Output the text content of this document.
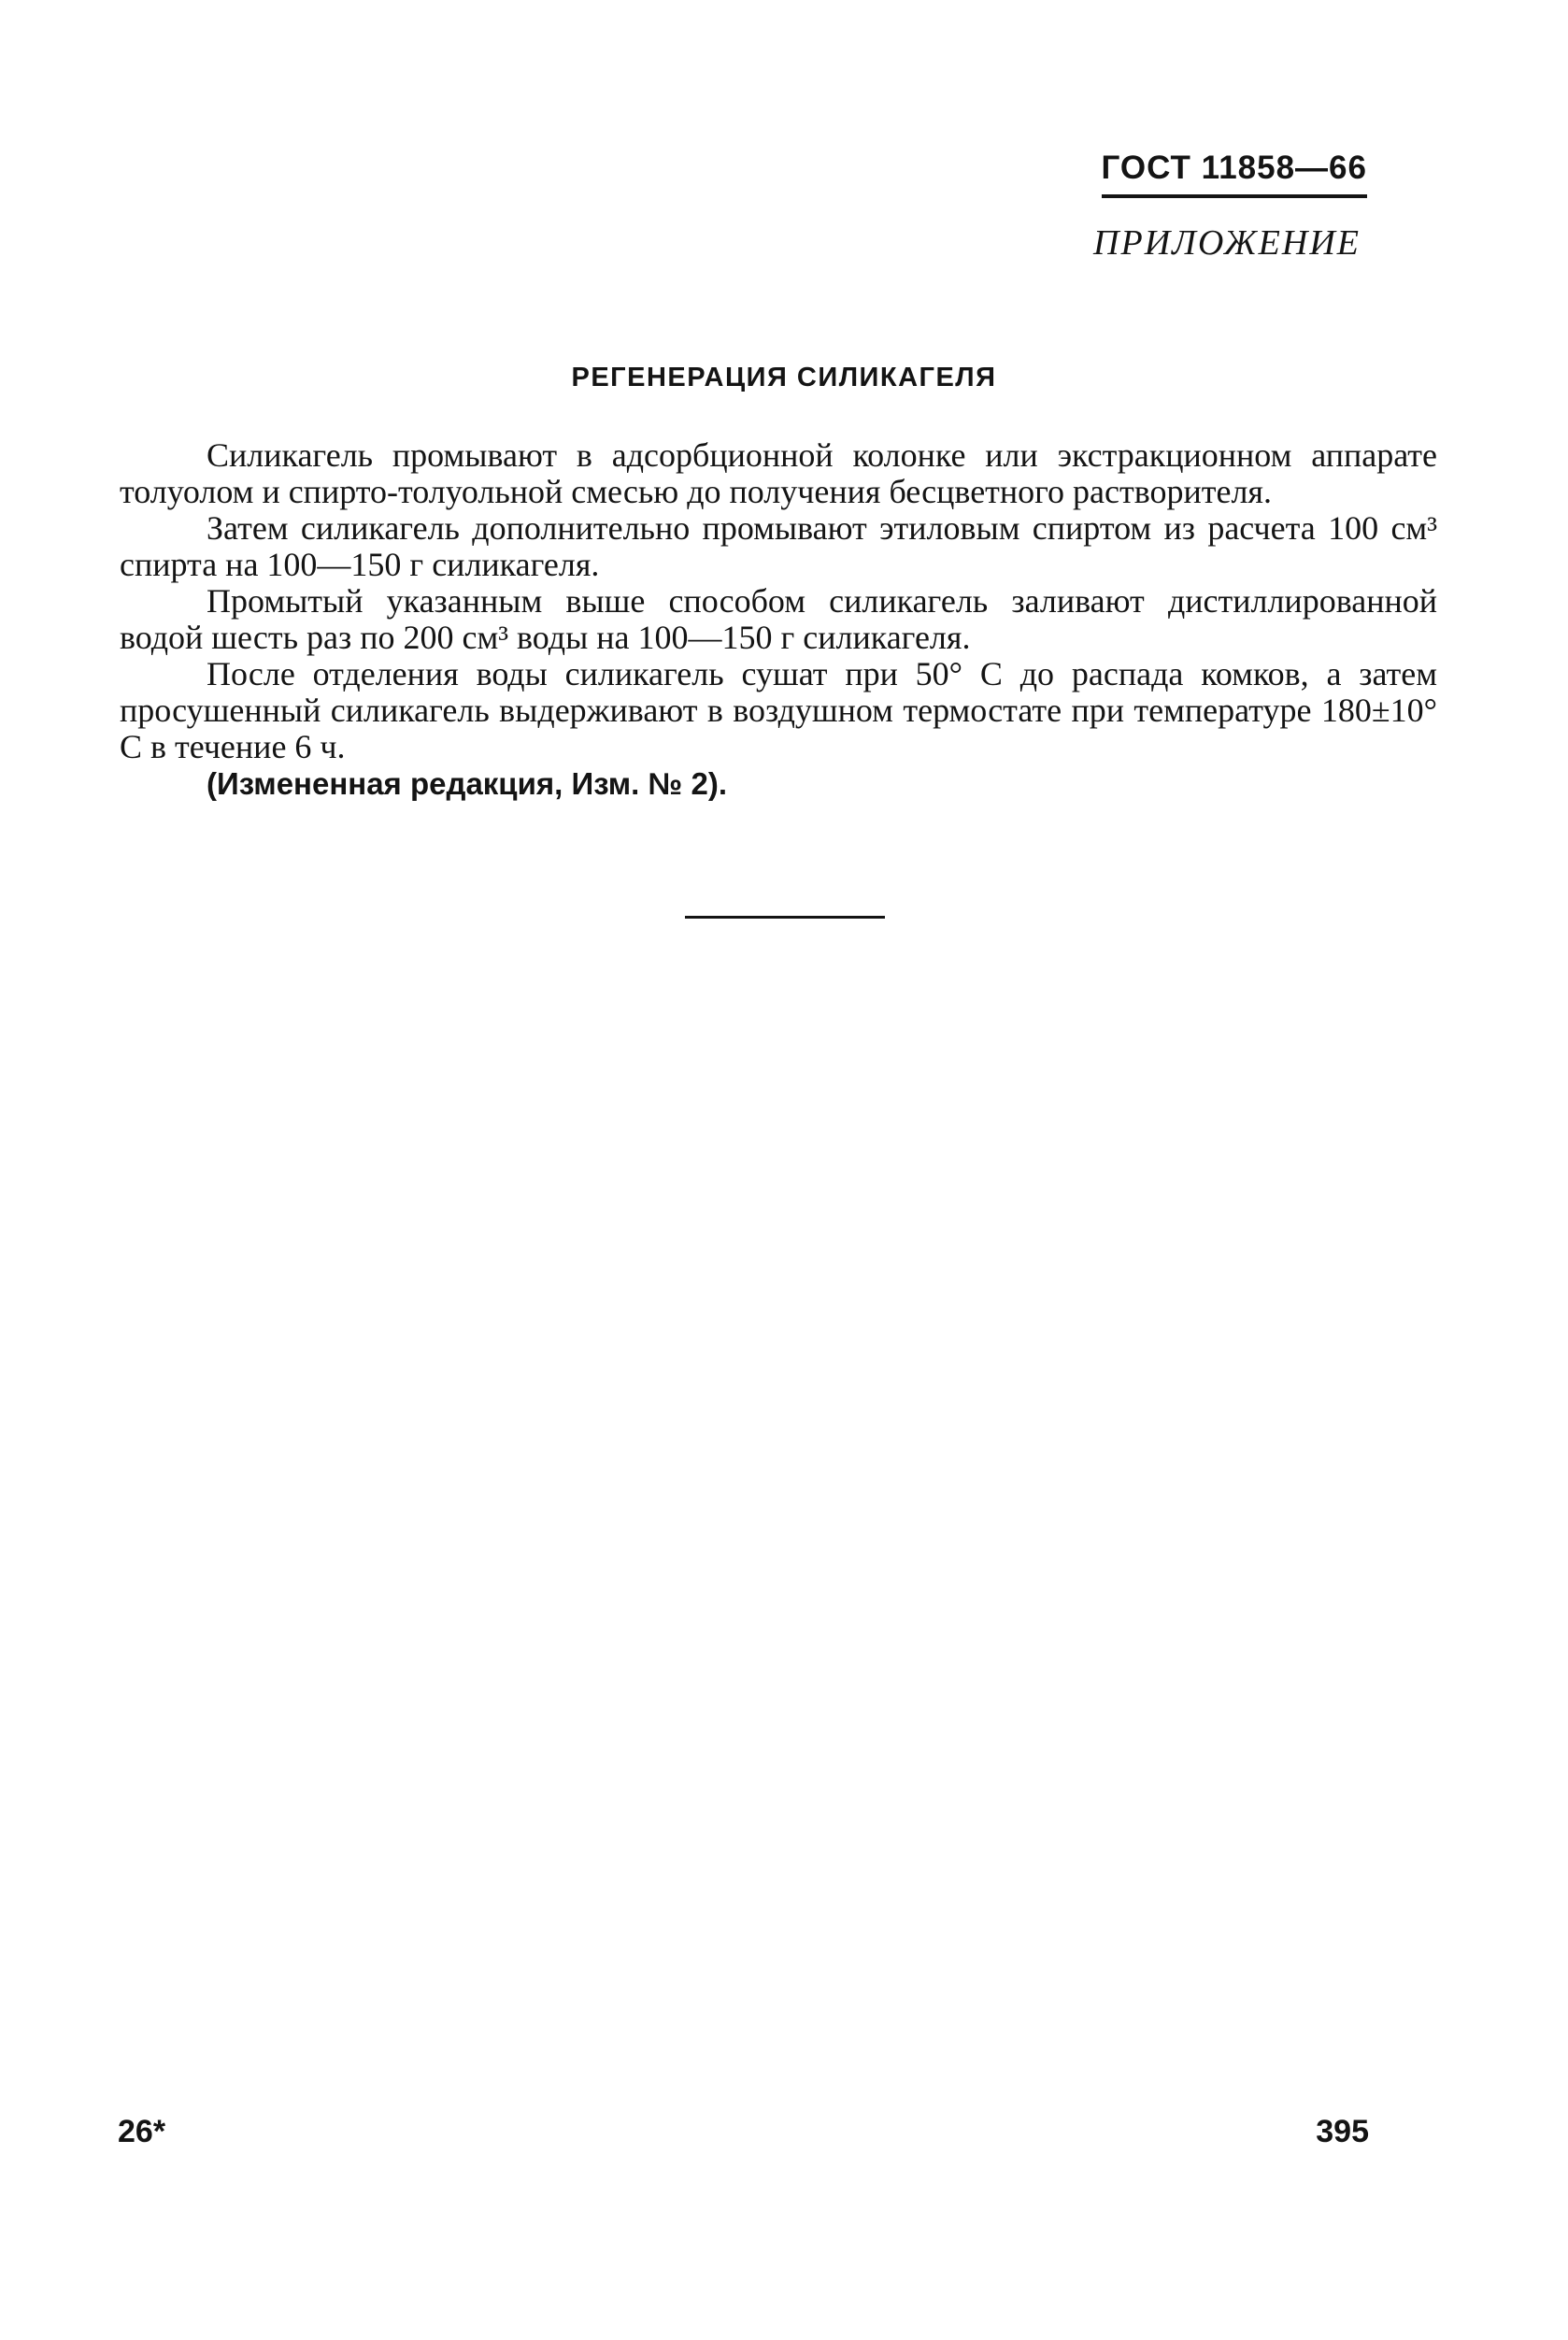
ГОСТ 11858—66
ПРИЛОЖЕНИЕ
РЕГЕНЕРАЦИЯ СИЛИКАГЕЛЯ

Силикагель промывают в адсорбционной колонке или экстракционном аппарате толуолом и спирто-толуольной смесью до получения бесцветного растворителя.

Затем силикагель дополнительно промывают этиловым спиртом из расчета 100 см³ спирта на 100—150 г силикагеля.

Промытый указанным выше способом силикагель заливают дистиллированной водой шесть раз по 200 см³ воды на 100—150 г силикагеля.

После отделения воды силикагель сушат при 50° С до распада комков, а затем просушенный силикагель выдерживают в воздушном термостате при температуре 180±10° С в течение 6 ч.

(Измененная редакция, Изм. № 2).

26*	395
